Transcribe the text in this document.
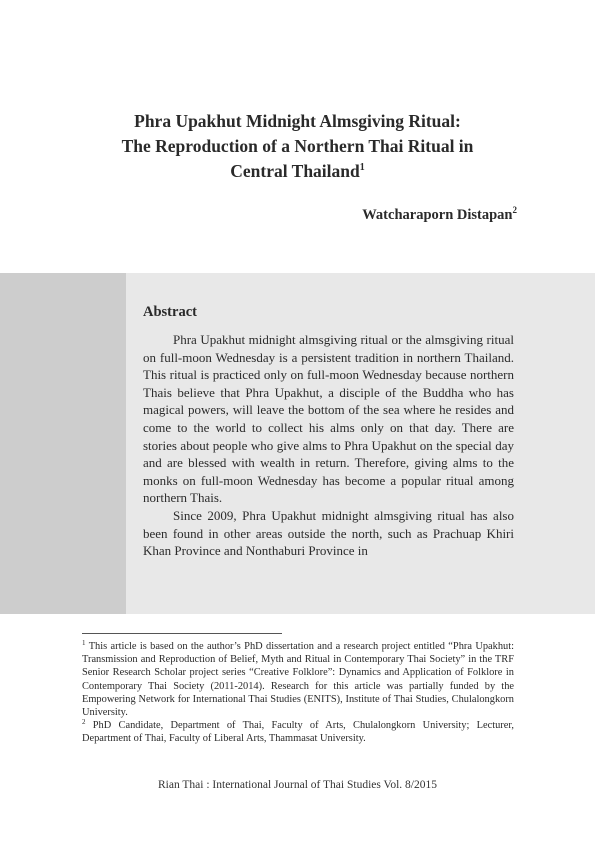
Phra Upakhut Midnight Almsgiving Ritual:
The Reproduction of a Northern Thai Ritual in
Central Thailand$^1$

Watcharaporn Distapan$^2$

Abstract

Phra Upakhut midnight almsgiving ritual or the almsgiving ritual on full-moon Wednesday is a persistent tradition in northern Thailand. This ritual is practiced only on full-moon Wednesday because northern Thais believe that Phra Upakhut, a disciple of the Buddha who has magical powers, will leave the bottom of the sea where he resides and come to the world to collect his alms only on that day. There are stories about people who give alms to Phra Upakhut on the special day and are blessed with wealth in return. Therefore, giving alms to the monks on full-moon Wednesday has become a popular ritual among northern Thais.

Since 2009, Phra Upakhut midnight almsgiving ritual has also been found in other areas outside the north, such as Prachuap Khiri Khan Province and Nonthaburi Province in

$^1$ This article is based on the author’s PhD dissertation and a research project entitled “Phra Upakhut: Transmission and Reproduction of Belief, Myth and Ritual in Contemporary Thai Society” in the TRF Senior Research Scholar project series “Creative Folklore”: Dynamics and Application of Folklore in Contemporary Thai Society (2011-2014). Research for this article was partially funded by the Empowering Network for International Thai Studies (ENITS), Institute of Thai Studies, Chulalongkorn University.

$^2$ PhD Candidate, Department of Thai, Faculty of Arts, Chulalongkorn University; Lecturer, Department of Thai, Faculty of Liberal Arts, Thammasat University.

Rian Thai : International Journal of Thai Studies Vol. 8/2015
